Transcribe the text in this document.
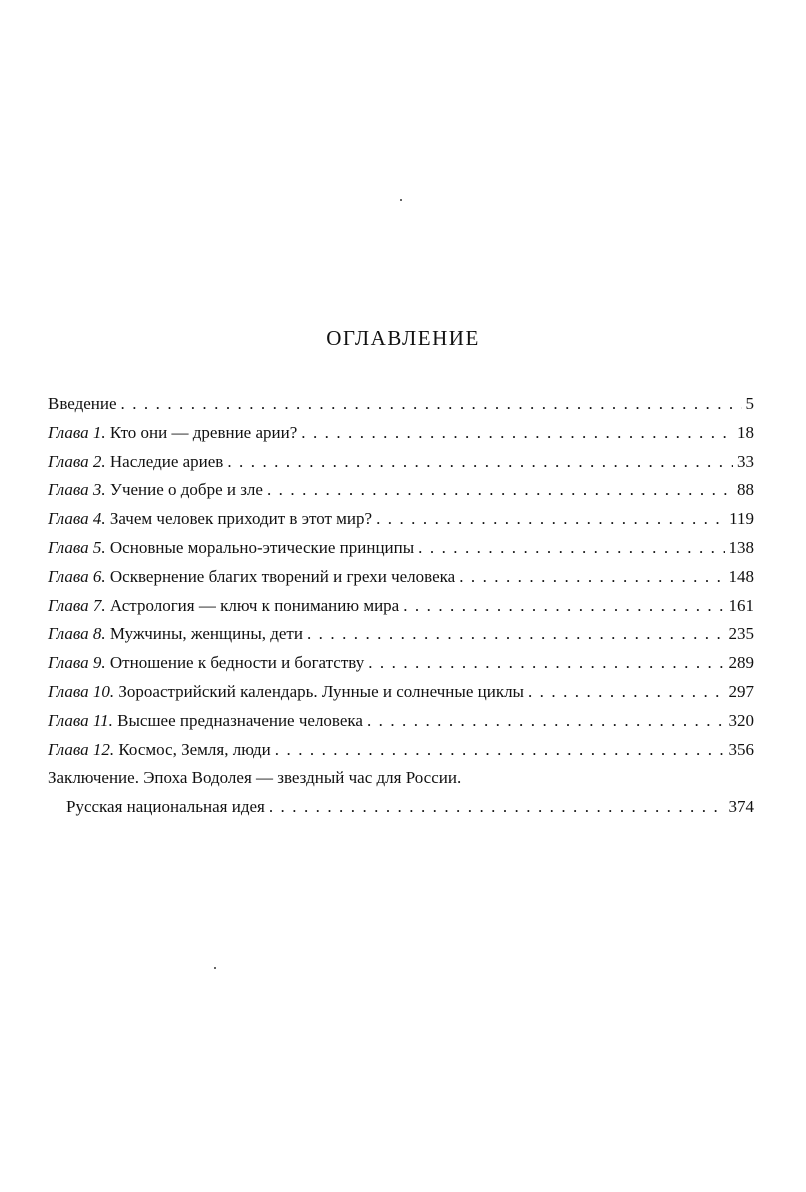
ОГЛАВЛЕНИЕ
Введение . . .	5
Глава 1. Кто они — древние арии? . . .	18
Глава 2. Наследие ариев . . .	33
Глава 3. Учение о добре и зле . . .	88
Глава 4. Зачем человек приходит в этот мир? . . .	119
Глава 5. Основные морально-этические принципы . . .	138
Глава 6. Осквернение благих творений и грехи человека . . .	148
Глава 7. Астрология — ключ к пониманию мира . . .	161
Глава 8. Мужчины, женщины, дети . . .	235
Глава 9. Отношение к бедности и богатству . . .	289
Глава 10. Зороастрийский календарь. Лунные и солнечные циклы . . .	297
Глава 11. Высшее предназначение человека . . .	320
Глава 12. Космос, Земля, люди . . .	356
Заключение. Эпоха Водолея — звездный час для России.
Русская национальная идея . . .	374
